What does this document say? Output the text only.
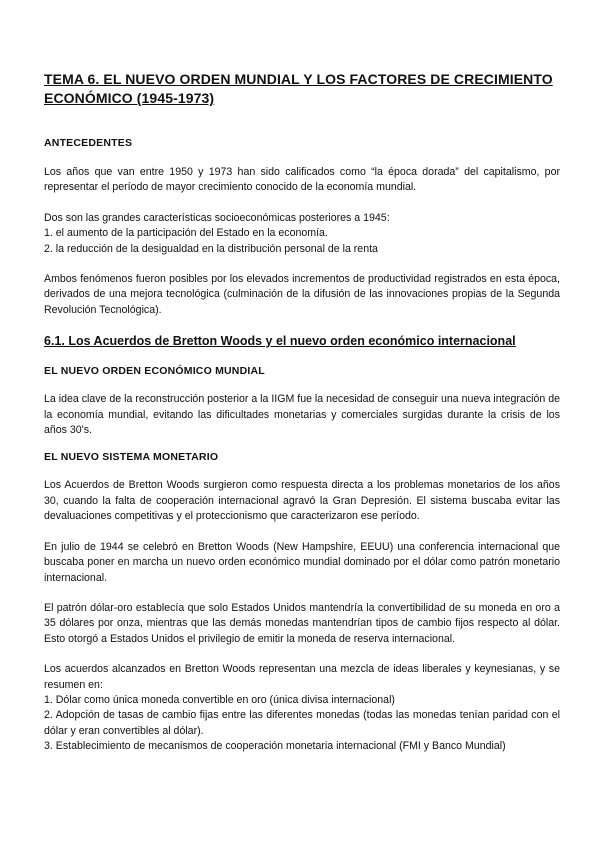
TEMA 6. EL NUEVO ORDEN MUNDIAL Y LOS FACTORES DE CRECIMIENTO
ECONÓMICO (1945-1973)
ANTECEDENTES

Los años que van entre 1950 y 1973 han sido calificados como “la época dorada” del capitalismo, por representar el período de mayor crecimiento conocido de la economía mundial.

Dos son las grandes características socioeconómicas posteriores a 1945:

1. el aumento de la participación del Estado en la economía.

2. la reducción de la desigualdad en la distribución personal de la renta

Ambos fenómenos fueron posibles por los elevados incrementos de productividad registrados en esta época, derivados de una mejora tecnológica (culminación de la difusión de las innovaciones propias de la Segunda Revolución Tecnológica).

6.1. Los Acuerdos de Bretton Woods y el nuevo orden económico internacional
EL NUEVO ORDEN ECONÓMICO MUNDIAL

La idea clave de la reconstrucción posterior a la IIGM fue la necesidad de conseguir una nueva integración de la economía mundial, evitando las dificultades monetarias y comerciales surgidas durante la crisis de los años 30's.

EL NUEVO SISTEMA MONETARIO

Los Acuerdos de Bretton Woods surgieron como respuesta directa a los problemas monetarios de los años 30, cuando la falta de cooperación internacional agravó la Gran Depresión. El sistema buscaba evitar las devaluaciones competitivas y el proteccionismo que caracterizaron ese período.

En julio de 1944 se celebró en Bretton Woods (New Hampshire, EEUU) una conferencia internacional que buscaba poner en marcha un nuevo orden económico mundial dominado por el dólar como patrón monetario internacional.

El patrón dólar-oro establecía que solo Estados Unidos mantendría la convertibilidad de su moneda en oro a 35 dólares por onza, mientras que las demás monedas mantendrían tipos de cambio fijos respecto al dólar. Esto otorgó a Estados Unidos el privilegio de emitir la moneda de reserva internacional.

Los acuerdos alcanzados en Bretton Woods representan una mezcla de ideas liberales y keynesianas, y se resumen en:

1. Dólar como única moneda convertible en oro (única divisa internacional)

2. Adopción de tasas de cambio fijas entre las diferentes monedas (todas las monedas tenían paridad con el dólar y eran convertibles al dólar).

3. Establecimiento de mecanismos de cooperación monetaria internacional (FMI y Banco Mundial)
